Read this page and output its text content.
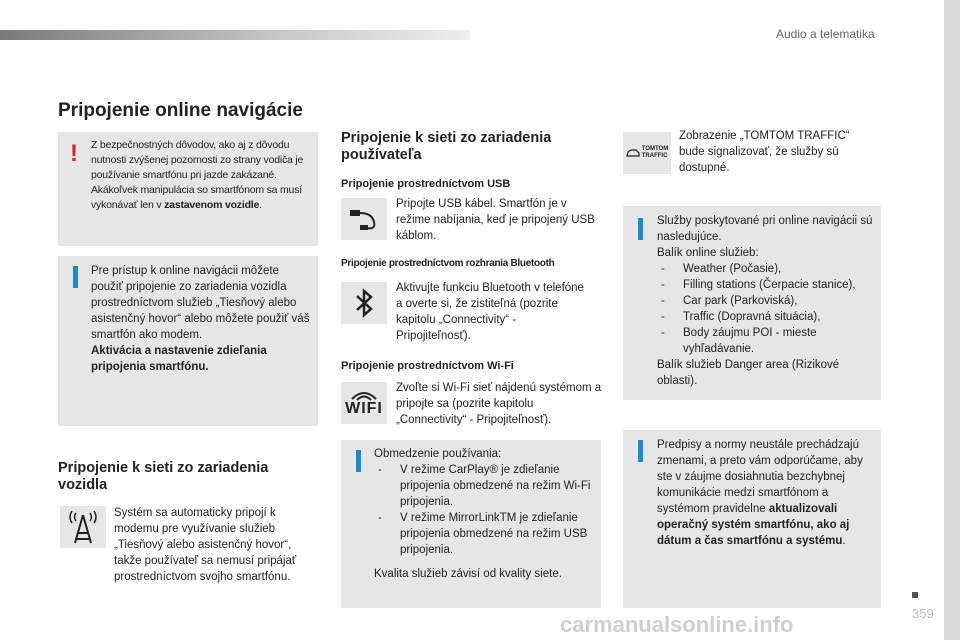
Audio a telematika
Pripojenie online navigácie
! Z bezpečnostných dôvodov, ako aj z dôvodu nutnosti zvýšenej pozornosti zo strany vodiča je používanie smartfónu pri jazde zakázané.
Akákoľvek manipulácia so smartfónom sa musí vykonávať len v zastavenom vozidle.
Pre prístup k online navigácii môžete použiť pripojenie zo zariadenia vozidla prostredníctvom služieb „Tiesňový alebo asistenčný hovor“ alebo môžete použiť váš smartfón ako modem.
Aktivácia a nastavenie zdieľania pripojenia smartfónu.
Pripojenie k sieti zo zariadenia vozidla
Systém sa automaticky pripojí k modemu pre využívanie služieb „Tiesňový alebo asistenčný hovor“, takže používateľ sa nemusí pripájať prostredníctvom svojho smartfónu.
Pripojenie k sieti zo zariadenia používateľa
Pripojenie prostredníctvom USB
Pripojte USB kábel. Smartfón je v režime nabíjania, keď je pripojený USB káblom.
Pripojenie prostredníctvom rozhrania Bluetooth
Aktivujte funkciu Bluetooth v telefóne a overte si, že zistiteľná (pozrite kapitolu „Connectivity“ - Pripojiteľnosť).
Pripojenie prostredníctvom Wi-Fi
WIFI
Zvoľte si Wi-Fi sieť nájdenú systémom a pripojte sa (pozrite kapitolu „Connectivity“ - Pripojiteľnosť).
Obmedzenie používania:
- V režime CarPlay® je zdieľanie pripojenia obmedzené na režim Wi-Fi pripojenia.
- V režime MirrorLinkTM je zdieľanie pripojenia obmedzené na režim USB pripojenia.
Kvalita služieb závisí od kvality siete.
TOMTOM
TRAFFIC
Zobrazenie „TOMTOM TRAFFIC“ bude signalizovať, že služby sú dostupné.
Služby poskytované pri online navigácii sú nasledujúce.
Balík online služieb:
- Weather (Počasie),
- Filling stations (Čerpacie stanice),
- Car park (Parkoviská),
- Traffic (Dopravná situácia),
- Body záujmu POI - mieste vyhľadávanie.
Balík služieb Danger area (Rizikové oblasti).
Predpisy a normy neustále prechádzajú zmenami, a preto vám odporúčame, aby ste v záujme dosiahnutia bezchybnej komunikácie medzi smartfónom a systémom pravidelne aktualizovali operačný systém smartfónu, ako aj dátum a čas smartfónu a systému.
359
carmanualsonline.info
